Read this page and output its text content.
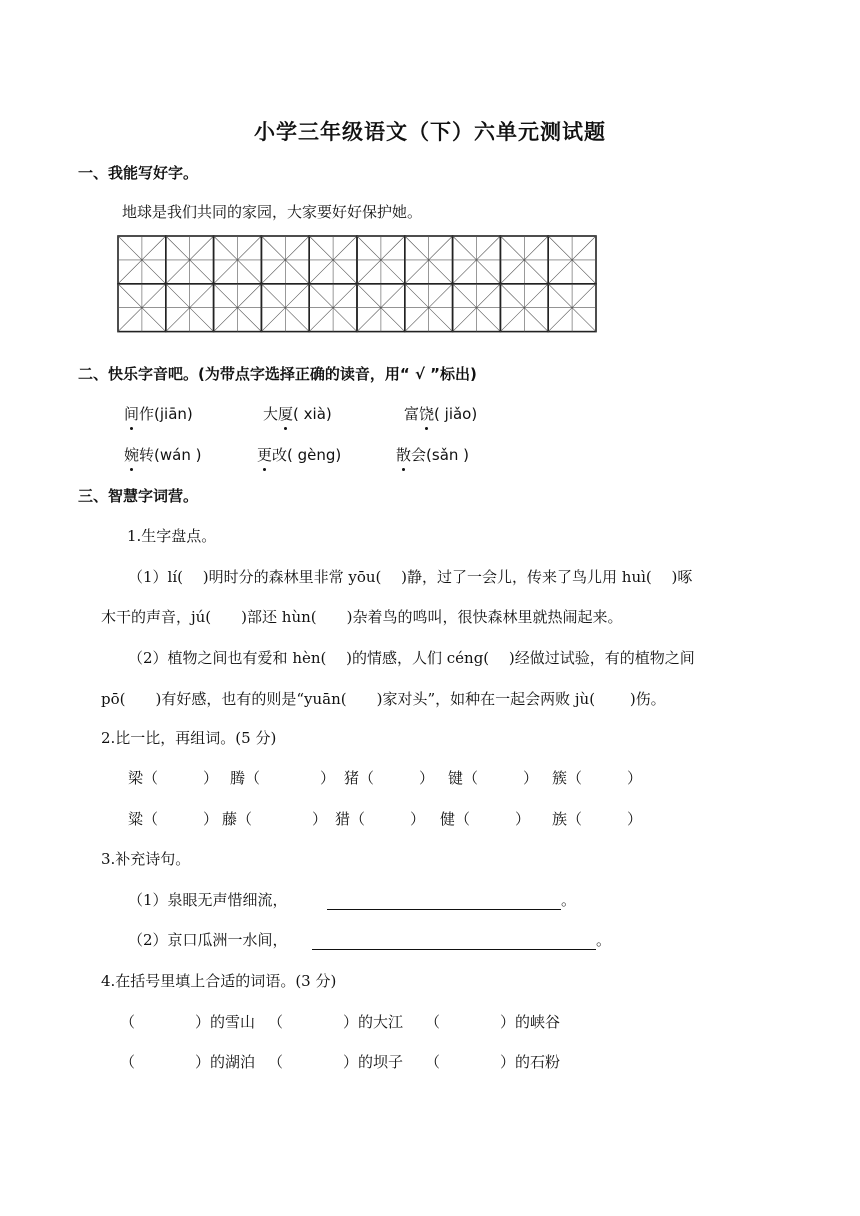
小学三年级语文（下）六单元测试题
一、我能写好字。
地球是我们共同的家园，大家要好好保护她。
二、快乐字音吧。(为带点字选择正确的读音，用“ √ ”标出)
间作(jiān)	大厦( xià)	富饶( jiǎo)
婉转(wán )	更改( gèng)	散会(sǎn )
三、智慧字词营。
1.生字盘点。
（1）lí(　 )明时分的森林里非常 yōu(　 )静，过了一会儿，传来了鸟儿用 huì(　 )啄
木干的声音，jú(　　)部还 hùn(　　)杂着鸟的鸣叫，很快森林里就热闹起来。
（2）植物之间也有爱和 hèn(　 )的情感，人们 céng(　 )经做过试验，有的植物之间
pō(　　)有好感，也有的则是“yuān(　　)家对头”，如种在一起会两败 jù(　　 )伤。
2.比一比，再组词。(5 分)
梁（　　　） 腾（　　　　） 猪（　　　） 键（　　　） 簇（　　　）
粱（　　　） 藤（　　　　） 猎（　　　） 健（　　　） 族（　　　）
3.补充诗句。
（1）泉眼无声惜细流，	。
（2）京口瓜洲一水间，	。
4.在括号里填上合适的词语。(3 分)
（　　　　）的雪山 （　　　　）的大江 （　　　　）的峡谷
（　　　　）的湖泊 （　　　　）的坝子 （　　　　）的石粉
